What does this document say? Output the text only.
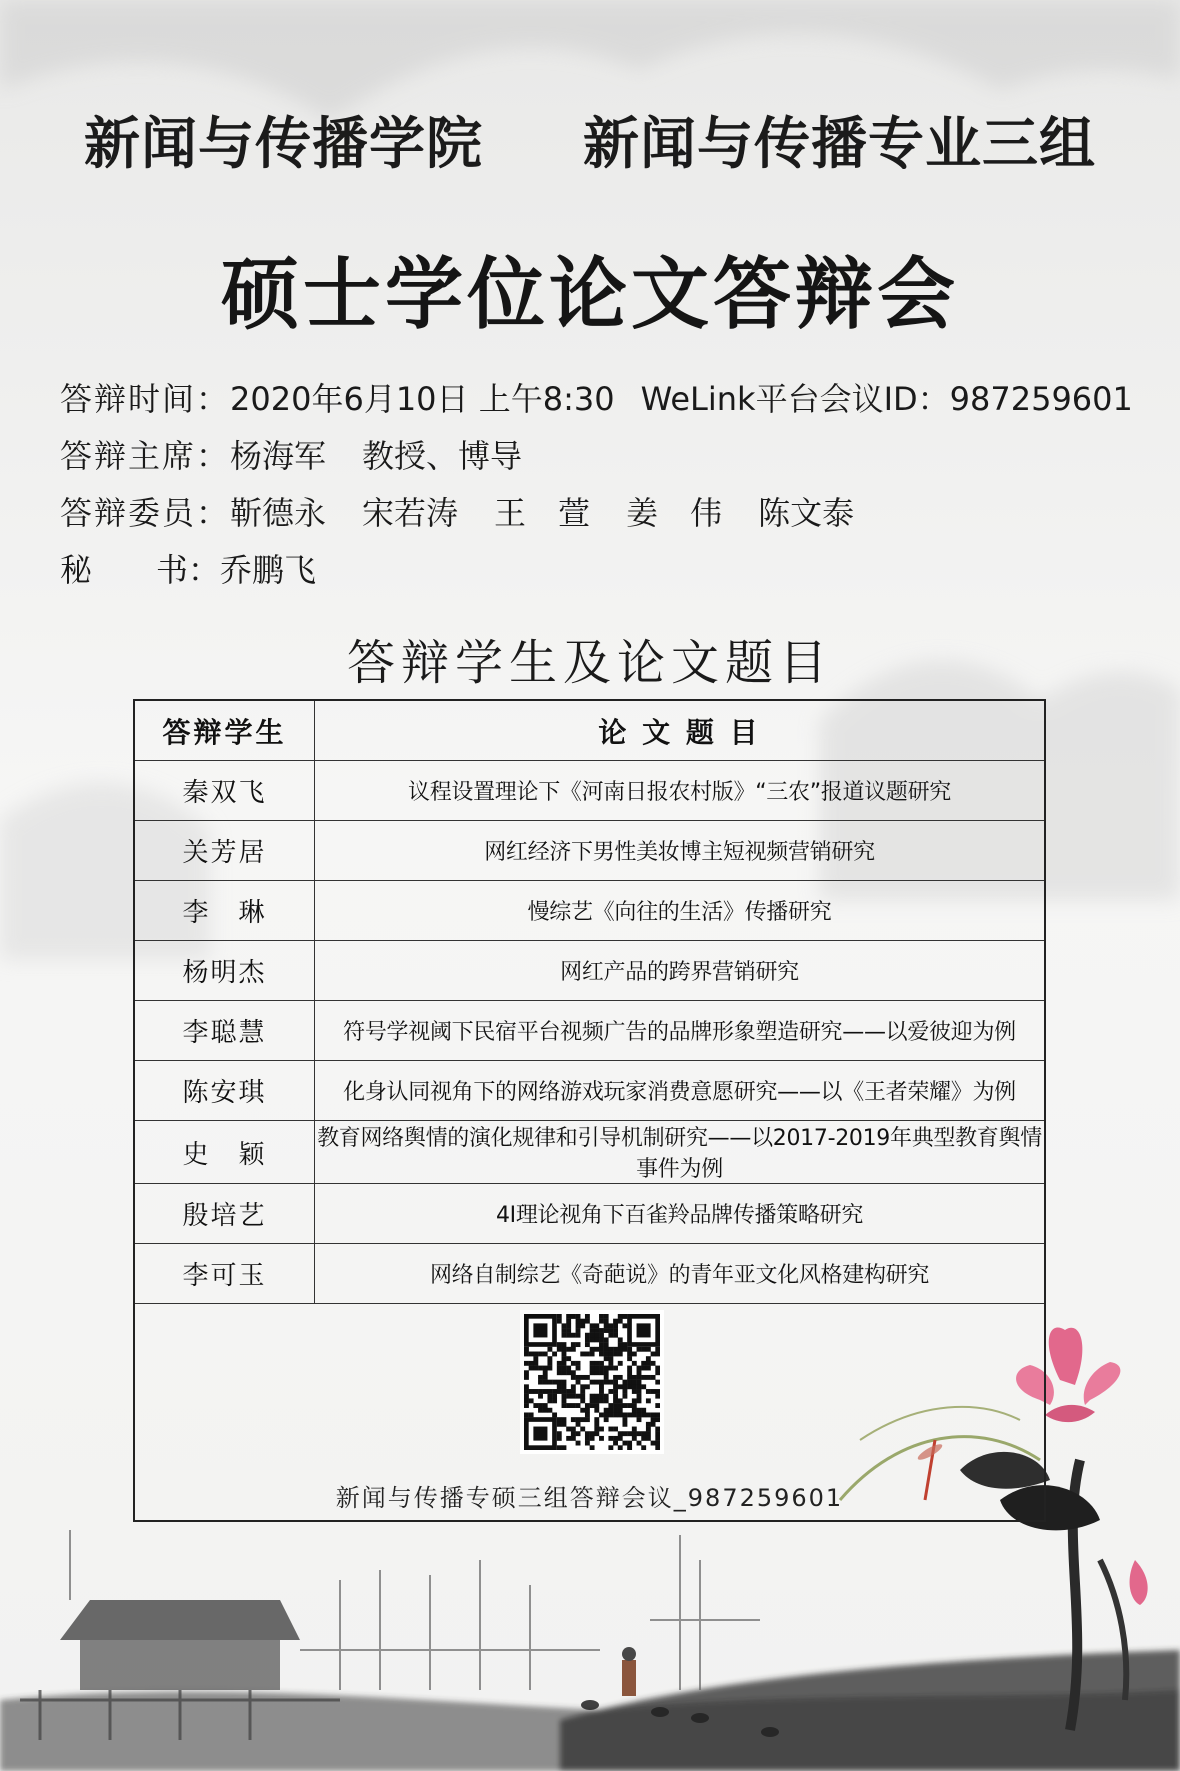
新闻与传播学院 新闻与传播专业三组
硕士学位论文答辩会
答辩时间： 2020年6月10日 上午8:30 WeLink平台会议ID：987259601
答辩主席： 杨海军 教授、博导
答辩委员： 靳德永 宋若涛 王　萱 姜　伟 陈文泰
秘　　书： 乔鹏飞
答辩学生及论文题目
答辩学生	论 文 题 目
秦双飞	议程设置理论下《河南日报农村版》“三农”报道议题研究
关芳居	网红经济下男性美妆博主短视频营销研究
李　琳	慢综艺《向往的生活》传播研究
杨明杰	网红产品的跨界营销研究
李聪慧	符号学视阈下民宿平台视频广告的品牌形象塑造研究——以爱彼迎为例
陈安琪	化身认同视角下的网络游戏玩家消费意愿研究——以《王者荣耀》为例
史　颖	教育网络舆情的演化规律和引导机制研究——以2017-2019年典型教育舆情事件为例
殷培艺	4I理论视角下百雀羚品牌传播策略研究
李可玉	网络自制综艺《奇葩说》的青年亚文化风格建构研究
新闻与传播专硕三组答辩会议_987259601
